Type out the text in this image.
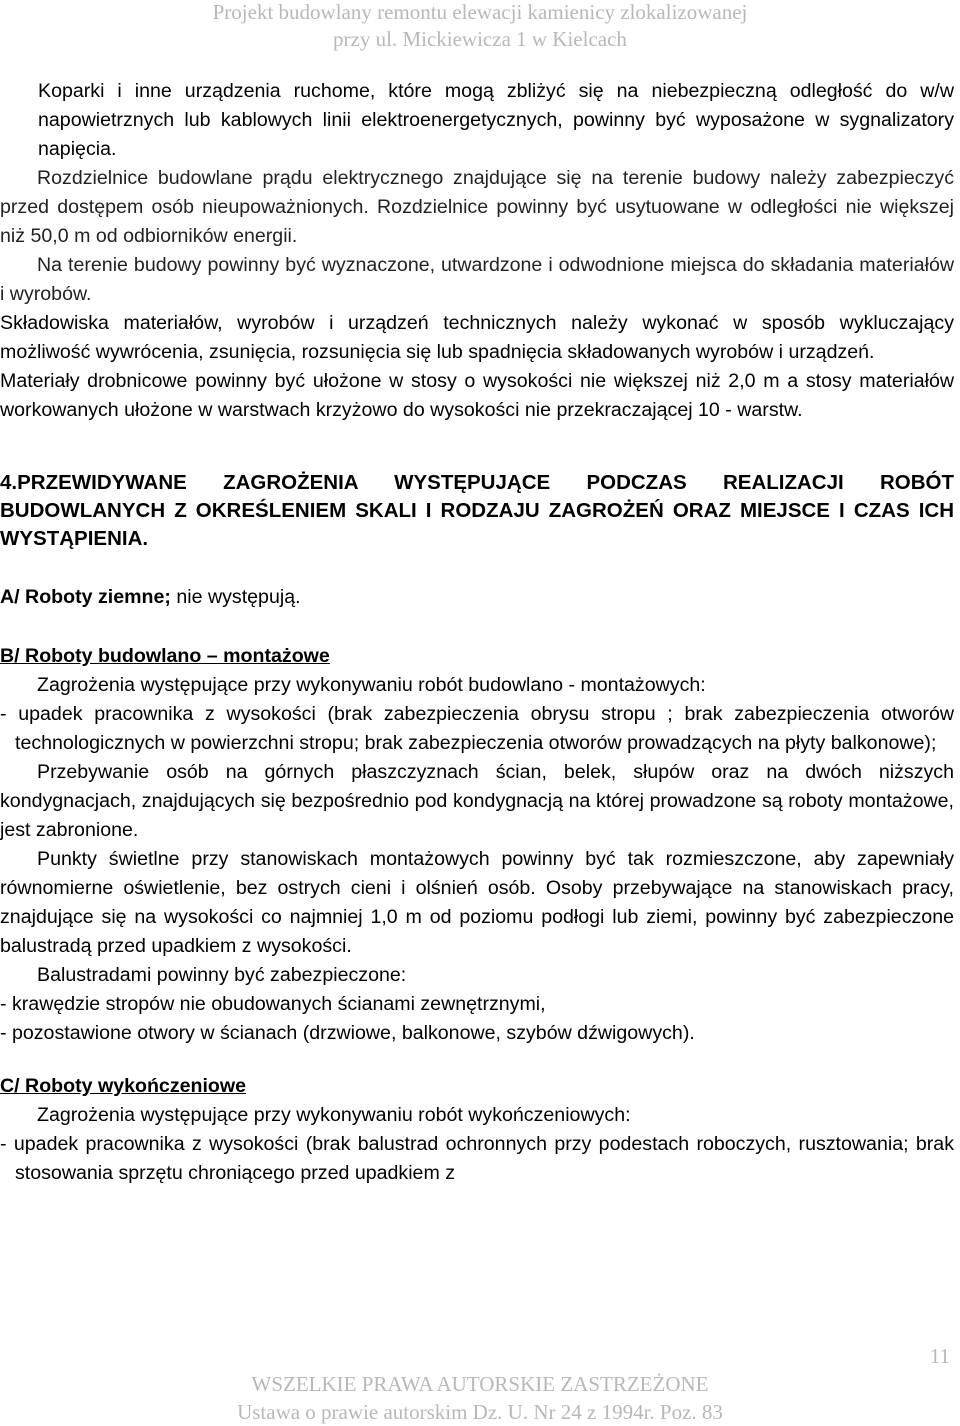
Projekt budowlany remontu elewacji kamienicy zlokalizowanej
przy ul. Mickiewicza 1 w Kielcach

Koparki i inne urządzenia ruchome, które mogą zbliżyć się na niebezpieczną odległość do w/w napowietrznych lub kablowych linii elektroenergetycznych, powinny być wyposażone w sygnalizatory napięcia.

Rozdzielnice budowlane prądu elektrycznego znajdujące się na terenie budowy należy zabezpieczyć przed dostępem osób nieupoważnionych. Rozdzielnice powinny być usytuowane w odległości nie większej niż 50,0 m od odbiorników energii.

Na terenie budowy powinny być wyznaczone, utwardzone i odwodnione miejsca do składania materiałów i wyrobów.

Składowiska materiałów, wyrobów i urządzeń technicznych należy wykonać w sposób wykluczający możliwość wywrócenia, zsunięcia, rozsunięcia się lub spadnięcia składowanych wyrobów i urządzeń.

Materiały drobnicowe powinny być ułożone w stosy o wysokości nie większej niż 2,0 m a stosy materiałów workowanych ułożone w warstwach krzyżowo do wysokości nie przekraczającej 10 - warstw.

4.PRZEWIDYWANE ZAGROŻENIA WYSTĘPUJĄCE PODCZAS REALIZACJI ROBÓT BUDOWLANYCH Z OKREŚLENIEM SKALI I RODZAJU ZAGROŻEŃ ORAZ MIEJSCE I CZAS ICH WYSTĄPIENIA.

A/ Roboty ziemne; nie występują.

B/ Roboty budowlano – montażowe

Zagrożenia występujące przy wykonywaniu robót budowlano - montażowych:

- upadek pracownika z wysokości (brak zabezpieczenia obrysu stropu ; brak zabezpieczenia otworów technologicznych w powierzchni stropu; brak zabezpieczenia otworów prowadzących na płyty balkonowe);

Przebywanie osób na górnych płaszczyznach ścian, belek, słupów oraz na dwóch niższych kondygnacjach, znajdujących się bezpośrednio pod kondygnacją na której prowadzone są roboty montażowe, jest zabronione.

Punkty świetlne przy stanowiskach montażowych powinny być tak rozmieszczone, aby zapewniały równomierne oświetlenie, bez ostrych cieni i olśnień osób. Osoby przebywające na stanowiskach pracy, znajdujące się na wysokości co najmniej 1,0 m od poziomu podłogi lub ziemi, powinny być zabezpieczone balustradą przed upadkiem z wysokości.

Balustradami powinny być zabezpieczone:

- krawędzie stropów nie obudowanych ścianami zewnętrznymi,

- pozostawione otwory w ścianach (drzwiowe, balkonowe, szybów dźwigowych).

C/ Roboty wykończeniowe

Zagrożenia występujące przy wykonywaniu robót wykończeniowych:

- upadek pracownika z wysokości (brak balustrad ochronnych przy podestach roboczych, rusztowania; brak stosowania sprzętu chroniącego przed upadkiem z

11
WSZELKIE PRAWA AUTORSKIE ZASTRZEŻONE
Ustawa o prawie autorskim Dz. U. Nr 24 z 1994r. Poz. 83
